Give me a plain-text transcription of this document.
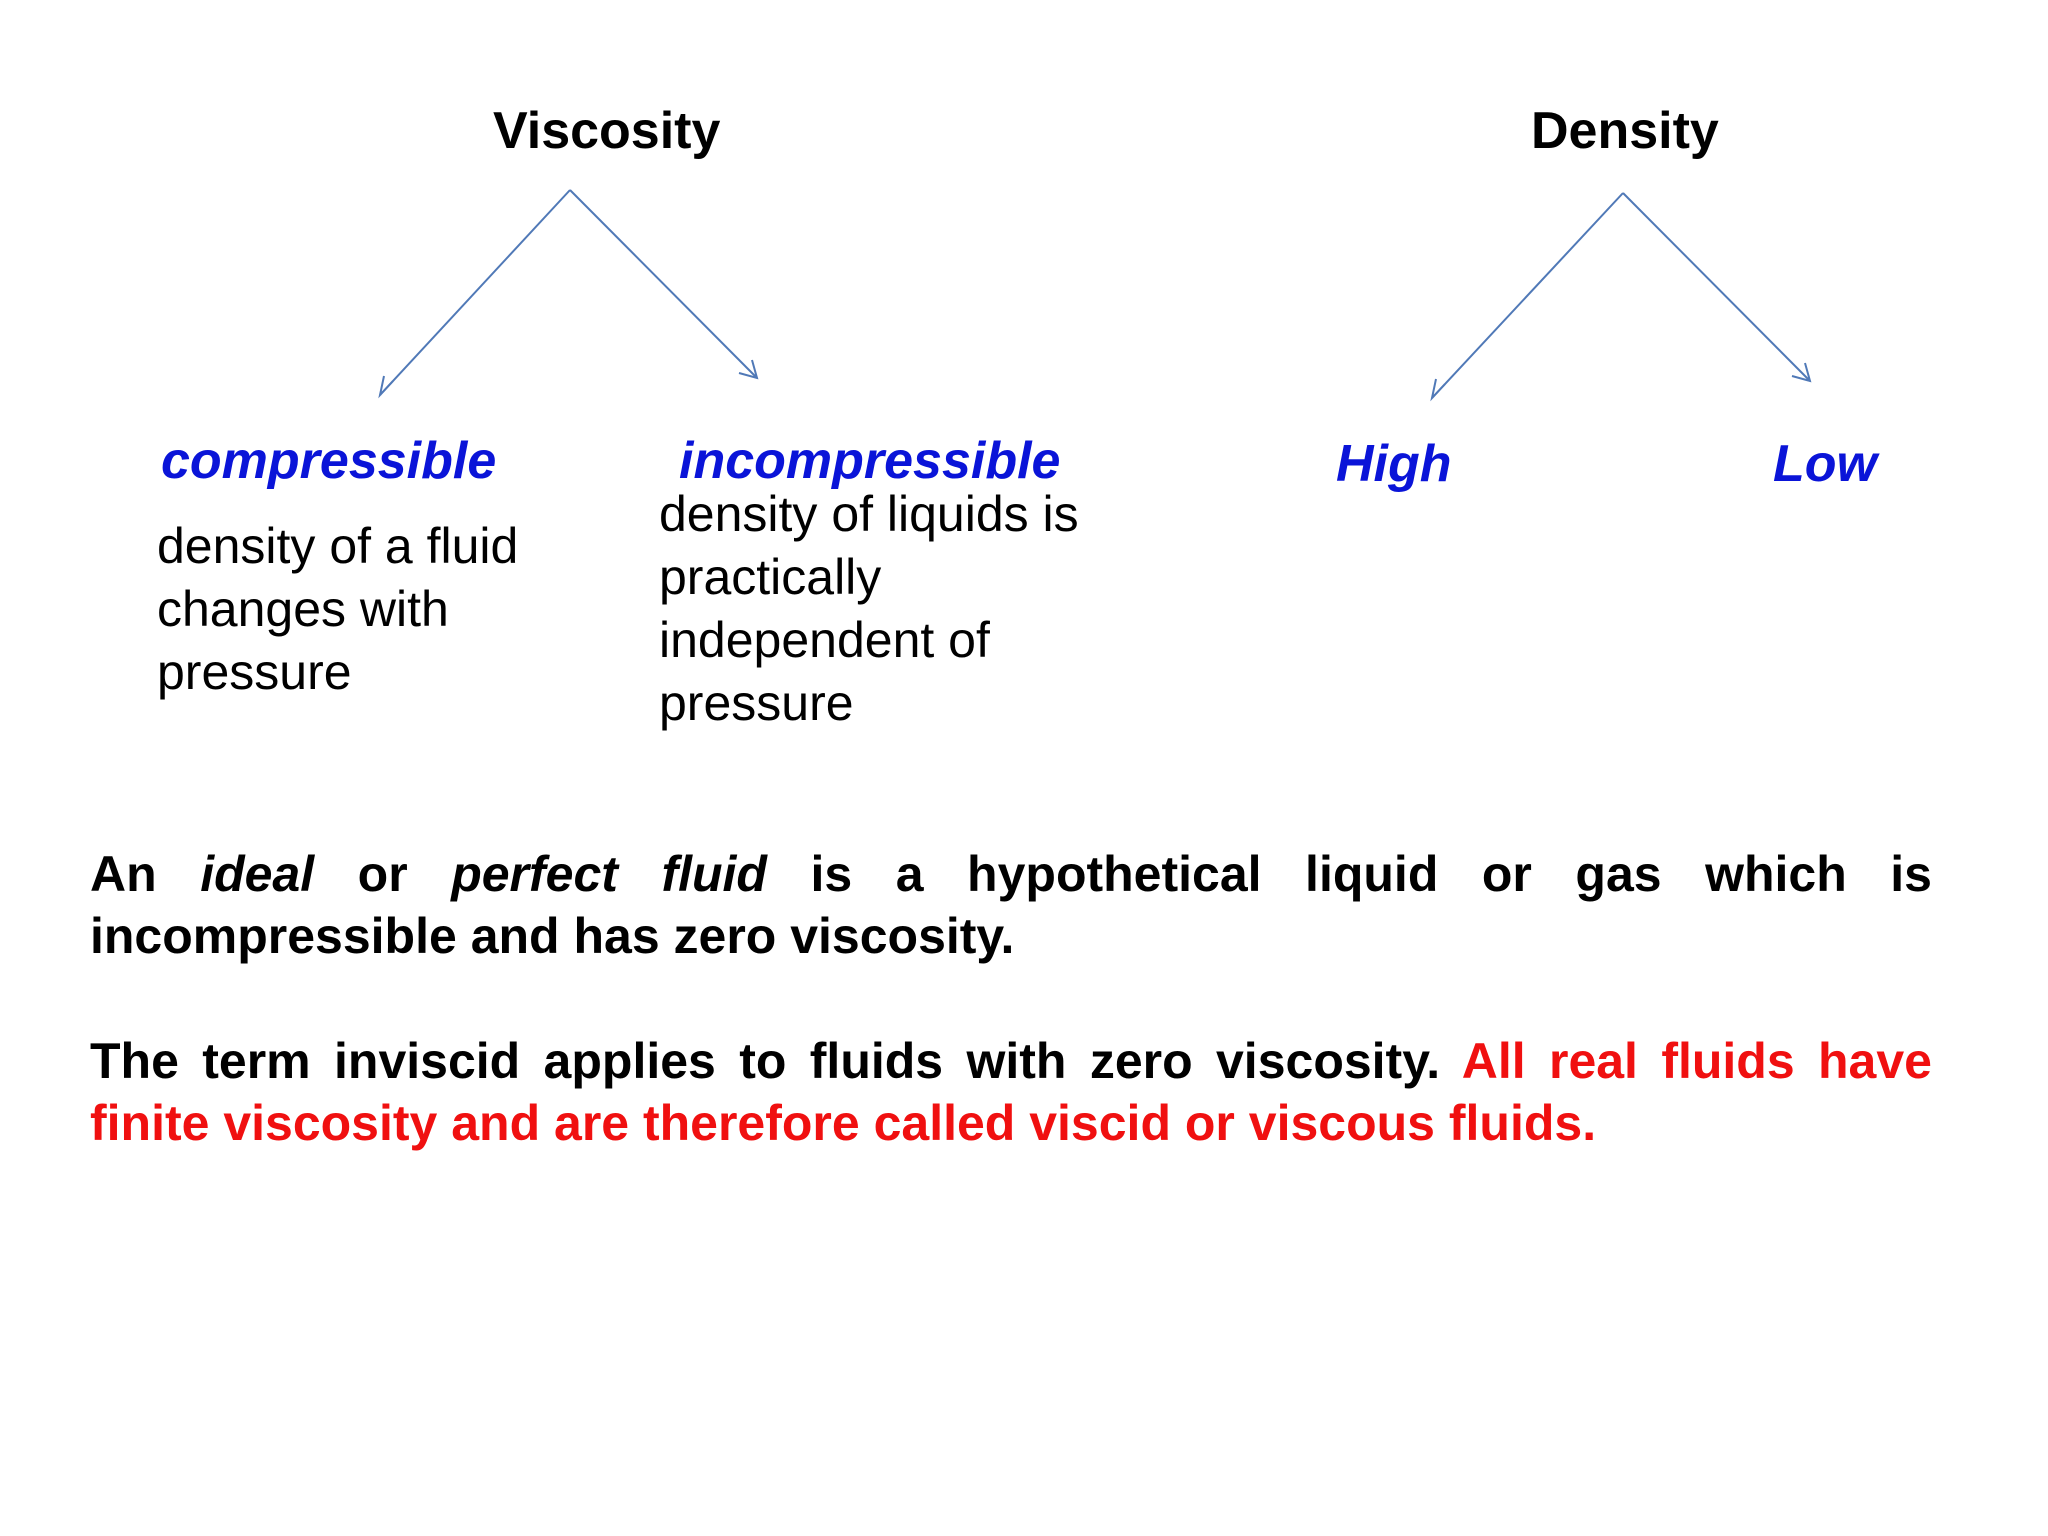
Viscosity	Density
compressible	incompressible	High	Low
density of a fluid
changes with
pressure
density of liquids is
practically
independent of
pressure
An ideal or perfect fluid is a hypothetical liquid or gas which is incompressible and has zero viscosity.
The term inviscid applies to fluids with zero viscosity. All real fluids have finite viscosity and are therefore called viscid or viscous fluids.
